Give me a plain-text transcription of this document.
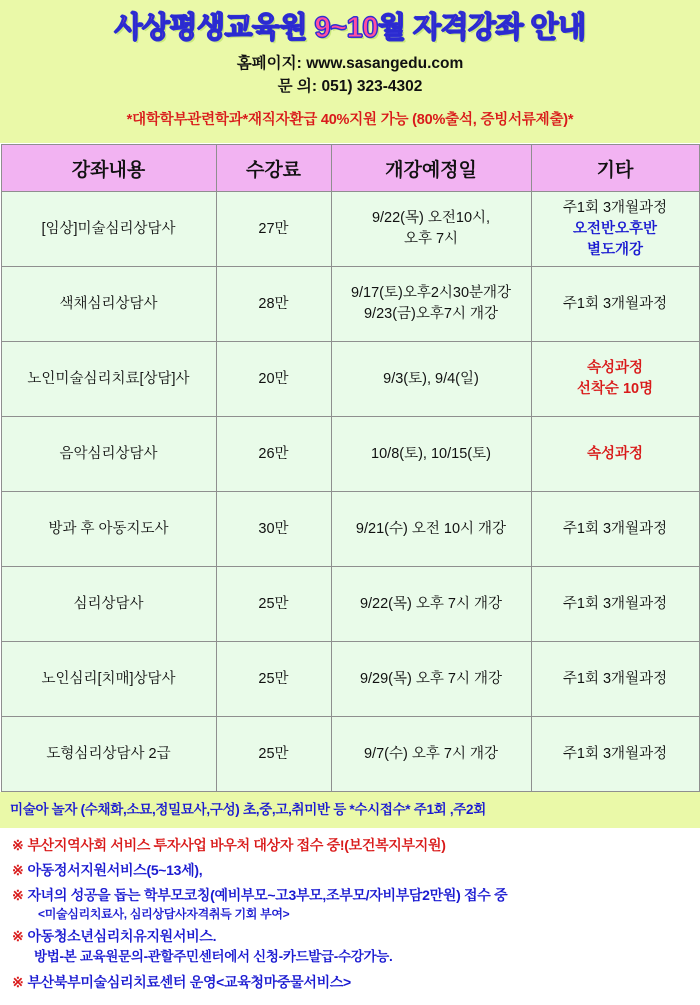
사상평생교육원 9~10월 자격강좌 안내
홈페이지: www.sasangedu.com
문 의: 051) 323-4302
*대학학부관련학과*재직자환급 40%지원 가능 (80%출석, 증빙서류제출)*
강좌내용	수강료	개강예정일	기타
[임상]미술심리상담사	27만	9/22(목) 오전10시,
오후 7시	주1회 3개월과정
오전반오후반
별도개강

색채심리상담사	28만	9/17(토)오후2시30분개강
9/23(금)오후7시 개강	주1회 3개월과정

노인미술심리치료[상담]사	20만	9/3(토), 9/4(일)	속성과정
선착순 10명

음악심리상담사	26만	10/8(토), 10/15(토)	속성과정

방과 후 아동지도사	30만	9/21(수) 오전 10시 개강	주1회 3개월과정

심리상담사	25만	9/22(목) 오후 7시 개강	주1회 3개월과정

노인심리[치매]상담사	25만	9/29(목) 오후 7시 개강	주1회 3개월과정

도형심리상담사 2급	25만	9/7(수) 오후 7시 개강	주1회 3개월과정
미술아 놀자 (수채화,소묘,정밀묘사,구성) 초,중,고,취미반 등 *수시접수* 주1회 ,주2회
※ 부산지역사회 서비스 투자사업 바우처 대상자 접수 중!(보건복지부지원)
※ 아동정서지원서비스(5~13세),
※ 자녀의 성공을 돕는 학부모코칭(예비부모~고3부모,조부모/자비부담2만원) 접수 중
<미술심리치료사, 심리상담사자격취득 기회 부여>
※ 아동청소년심리치유지원서비스.
방법-본 교육원문의-관할주민센터에서 신청-카드발급-수강가능.
※ 부산북부미술심리치료센터 운영<교육청마중물서비스>
